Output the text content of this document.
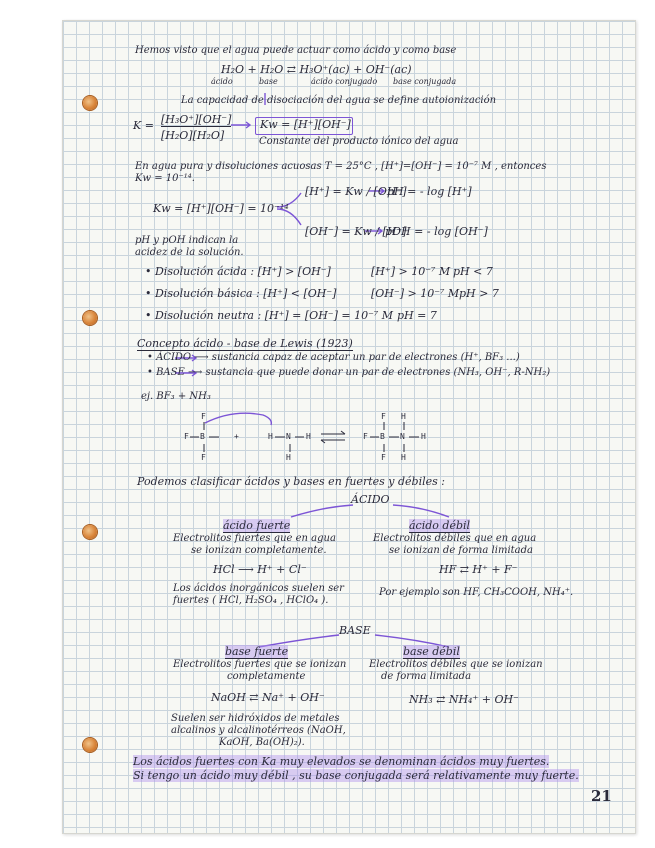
Hemos visto que el agua puede actuar como ácido y como base
H₂O + H₂O ⇄ H₃O⁺(ac) + OH⁻(ac)
ácido	base	ácido conjugado base conjugada
La capacidad de disociación del agua se define autoionización
K = [H₃O⁺][OH⁻]
[H₂O][H₂O]
Kw = [H⁺][OH⁻]
Constante del producto iónico del agua
En agua pura y disoluciones acuosas T = 25°C , [H⁺]=[OH⁻] = 10⁻⁷ M , entonces
Kw = 10⁻¹⁴.
Kw = [H⁺][OH⁻] = 10⁻¹⁴
[H⁺] = Kw / [OH⁻]
pH = - log [H⁺]
[OH⁻] = Kw / [H⁺]
pOH = - log [OH⁻]
pH y pOH indican la
acidez de la solución.
• Disolución ácida : [H⁺] > [OH⁻]	[H⁺] > 10⁻⁷ M pH < 7
• Disolución básica : [H⁺] < [OH⁻]	[OH⁻] > 10⁻⁷ M pH > 7
• Disolución neutra : [H⁺] = [OH⁻] = 10⁻⁷ M pH = 7
Concepto ácido - base de Lewis (1923)
• ÁCIDO ⟶ sustancia capaz de aceptar un par de electrones (H⁺, BF₃ ...)
• BASE ⟶ sustancia que puede donar un par de electrones (NH₃, OH⁻, R-NH₂)
ej. BF₃ + NH₃
F
F B
F
+	H N H
H
F H
F B N H
F H
Podemos clasificar ácidos y bases en fuertes y débiles :
ÁCIDO
ácido fuerte
Electrolitos fuertes que en agua
se ionizan completamente.
HCl ⟶ H⁺ + Cl⁻
Los ácidos inorgánicos suelen ser
fuertes ( HCl, H₂SO₄ , HClO₄ ).
ácido débil
Electrolitos débiles que en agua
se ionizan de forma limitada
HF ⇄ H⁺ + F⁻
Por ejemplo son HF, CH₃COOH, NH₄⁺.
BASE
base fuerte
Electrolitos fuertes que se ionizan
completamente
NaOH ⇄ Na⁺ + OH⁻
Suelen ser hidróxidos de metales
alcalinos y alcalinotérreos (NaOH,
KaOH, Ba(OH)₂).
base débil
Electrolitos débiles que se ionizan
de forma limitada
NH₃ ⇄ NH₄⁺ + OH⁻
Los ácidos fuertes con Ka muy elevados se denominan ácidos muy fuertes.
Si tengo un ácido muy débil , su base conjugada será relativamente muy fuerte.
21
